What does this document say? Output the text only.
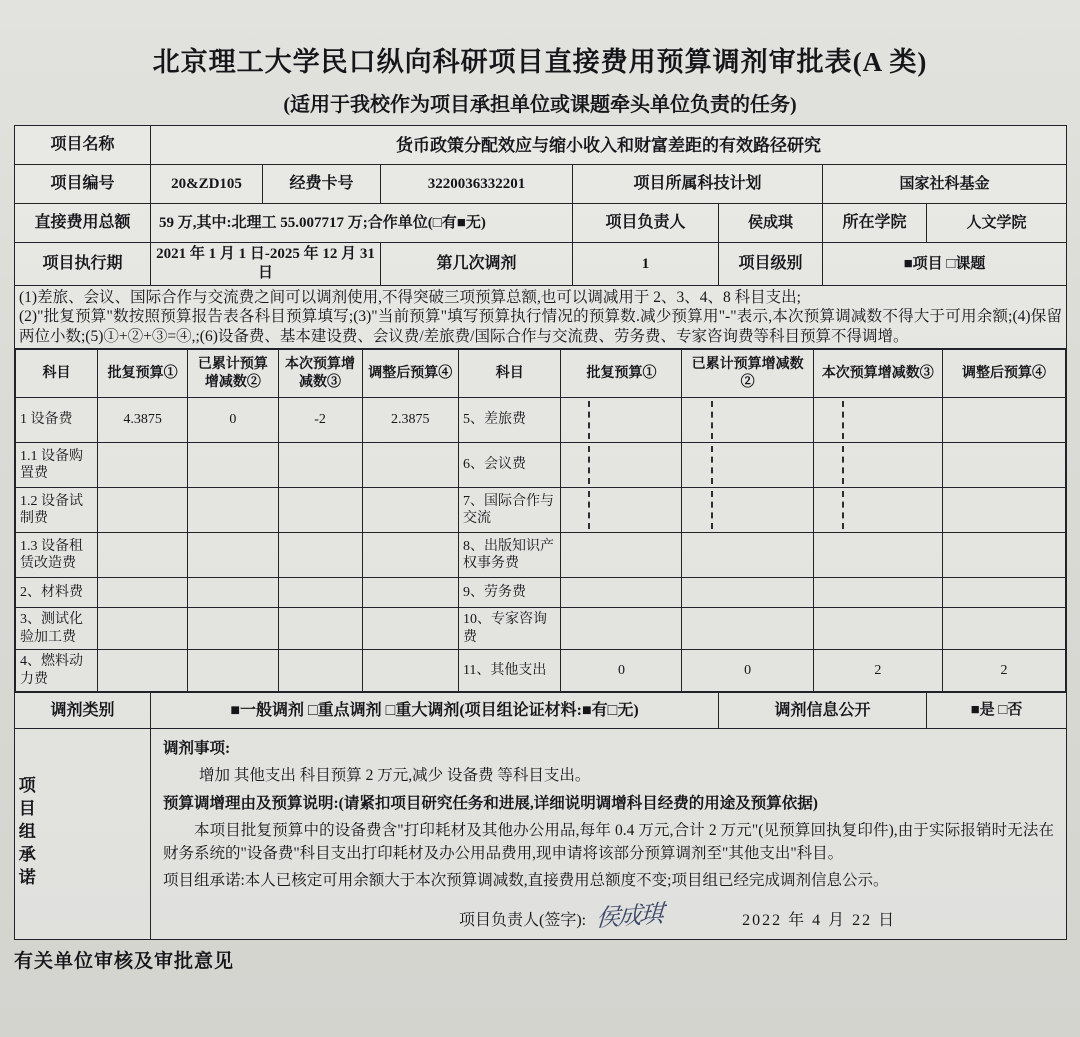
北京理工大学民口纵向科研项目直接费用预算调剂审批表(A 类)
(适用于我校作为项目承担单位或课题牵头单位负责的任务)
项目名称	货币政策分配效应与缩小收入和财富差距的有效路径研究
项目编号	20&ZD105	经费卡号	3220036332201	项目所属科技计划	国家社科基金
直接费用总额	59 万,其中:北理工 55.007717 万;合作单位(□有■无)	项目负责人	侯成琪	所在学院	人文学院
项目执行期	2021 年 1 月 1 日-2025 年 12 月 31 日	第几次调剂	1	项目级别	■项目 □课题

(1)差旅、会议、国际合作与交流费之间可以调剂使用,不得突破三项预算总额,也可以调减用于 2、3、4、8 科目支出;
(2)"批复预算"数按照预算报告表各科目预算填写;(3)"当前预算"填写预算执行情况的预算数.减少预算用"-"表示,本次预算调减数不得大于可用余额;(4)保留两位小数;(5)①+②+③=④,;(6)设备费、基本建设费、会议费/差旅费/国际合作与交流费、劳务费、专家咨询费等科目预算不得调增。

科目	批复预算①	已累计预算增减数②	本次预算增减数③	调整后预算④	科目	批复预算①	已累计预算增减数②	本次预算增减数③	调整后预算④
1 设备费	4.3875	0	-2	2.3875	5、差旅费				
1.1 设备购置费					6、会议费				
1.2 设备试制费					7、国际合作与交流				
1.3 设备租赁改造费					8、出版知识产权事务费				
2、材料费					9、劳务费				
3、测试化验加工费					10、专家咨询费				
4、燃料动力费					11、其他支出	0	0	2	2

调剂类别	■一般调剂 □重点调剂 □重大调剂(项目组论证材料:■有□无)	调剂信息公开	■是 □否

项目组承诺

调剂事项:
增加 其他支出 科目预算 2 万元,减少 设备费 等科目支出。
预算调增理由及预算说明:(请紧扣项目研究任务和进展,详细说明调增科目经费的用途及预算依据)
本项目批复预算中的设备费含"打印耗材及其他办公用品,每年 0.4 万元,合计 2 万元"(见预算回执复印件),由于实际报销时无法在财务系统的"设备费"科目支出打印耗材及办公用品费用,现申请将该部分预算调剂至"其他支出"科目。
项目组承诺:本人已核定可用余额大于本次预算调减数,直接费用总额度不变;项目组已经完成调剂信息公示。
项目负责人(签字): 侯成琪	2022 年 4 月 22 日
有关单位审核及审批意见
